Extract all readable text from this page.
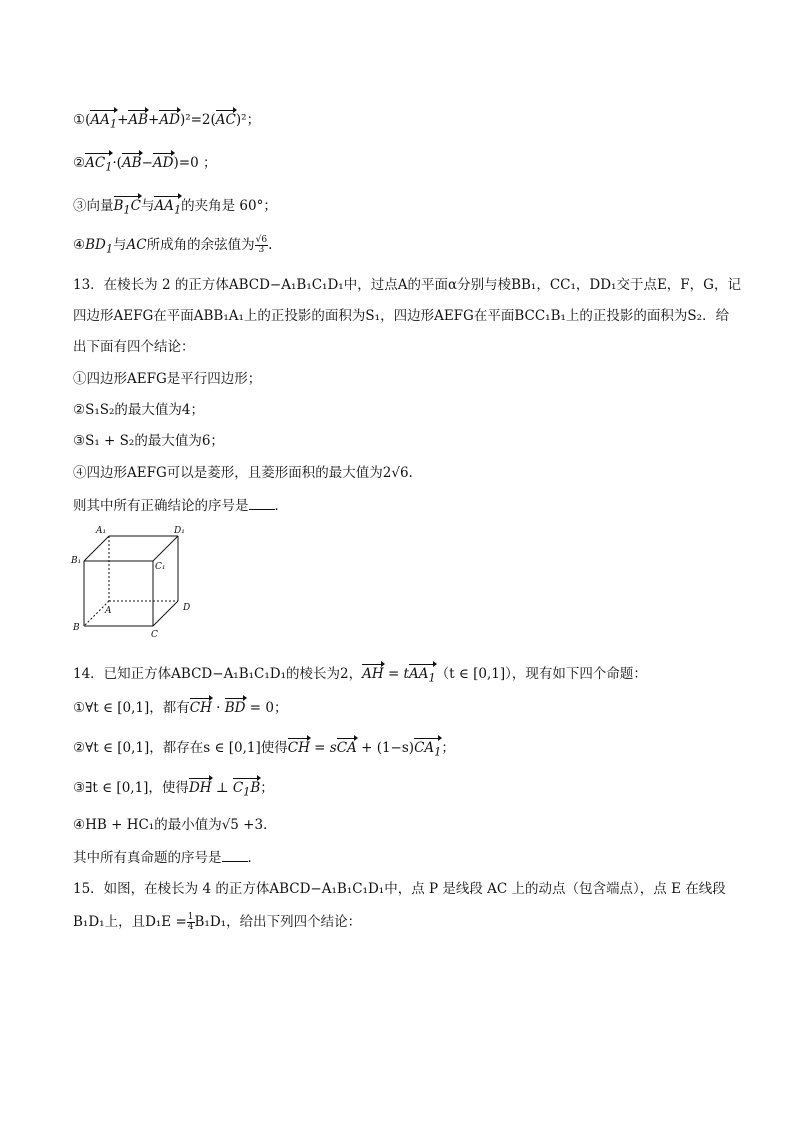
$①(AA_1+AB+AD)^2=2(AC)^2$；
$②AC_1\cdot(AB-AD)=0$ ；
③向量$B_1C$与$AA_1$的夹角是 60°；
$④BD_1$与AC所成角的余弦值为 $\frac{√6}{3}$ .
13．在棱长为 2 的正方体ABCD−A₁B₁C₁D₁中，过点A的平面α分别与棱BB₁，CC₁，DD₁交于点E，F，G，记
四边形AEFG在平面ABB₁A₁上的正投影的面积为S₁，四边形AEFG在平面BCC₁B₁上的正投影的面积为S₂．给
出下面有四个结论：
①四边形AEFG是平行四边形；
②S₁S₂的最大值为4；
③S₁ + S₂的最大值为6；
④四边形AEFG可以是菱形，且菱形面积的最大值为2√6.
则其中所有正确结论的序号是 ．
A₁	D₁
B₁
C₁
A	D
B
C
14．已知正方体ABCD−A₁B₁C₁D₁的棱长为2，AH = tAA$_1$（t ∈ [0,1]），现有如下四个命题：
①∀t ∈ [0,1]，都有CH · BD = 0；
②∀t ∈ [0,1]，都存在s ∈ [0,1]使得CH = sCA + $(1-s)CA_1$；
③∃t ∈ [0,1]，使得DH ⊥ $C_1B$；
④HB + HC₁的最小值为√5 +3．
其中所有真命题的序号是 ．
15．如图，在棱长为 4 的正方体ABCD−A₁B₁C₁D₁中，点 P 是线段 AC 上的动点（包含端点），点 E 在线段
B₁D₁上，且$D_1E = \frac{1}{4} B_1D_1$，给出下列四个结论：
